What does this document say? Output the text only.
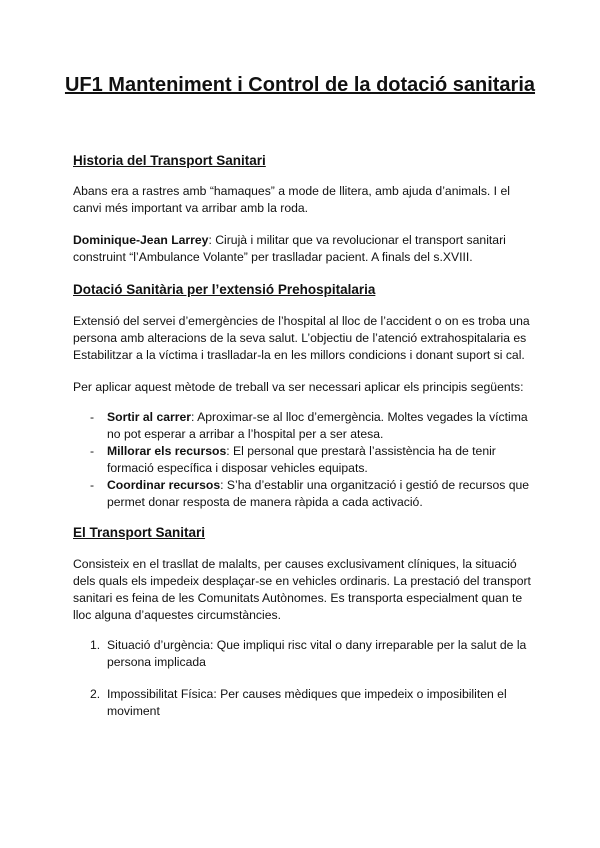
UF1 Manteniment i Control de la dotació sanitaria
Historia del Transport Sanitari

Abans era a rastres amb “hamaques” a mode de llitera, amb ajuda d’animals. I el canvi més important va arribar amb la roda.

Dominique-Jean Larrey: Cirujà i militar que va revolucionar el transport sanitari construint “l’Ambulance Volante” per traslladar pacient. A finals del s.XVIII.

Dotació Sanitària per l’extensió Prehospitalaria

Extensió del servei d’emergències de l’hospital al lloc de l’accident o on es troba una persona amb alteracions de la seva salut. L’objectiu de l’atenció extrahospitalaria es Estabilitzar a la víctima i traslladar-la en les millors condicions i donant suport si cal.

Per aplicar aquest mètode de treball va ser necessari aplicar els principis següents:

- Sortir al carrer: Aproximar-se al lloc d’emergència. Moltes vegades la víctima no pot esperar a arribar a l’hospital per a ser atesa.
- Millorar els recursos: El personal que prestarà l’assistència ha de tenir formació específica i disposar vehicles equipats.
- Coordinar recursos: S’ha d’establir una organització i gestió de recursos que permet donar resposta de manera ràpida a cada activació.
El Transport Sanitari

Consisteix en el trasllat de malalts, per causes exclusivament clíniques, la situació dels quals els impedeix desplaçar-se en vehicles ordinaris. La prestació del transport sanitari es feina de les Comunitats Autònomes. Es transporta especialment quan te lloc alguna d’aquestes circumstàncies.

1. Situació d’urgència: Que impliqui risc vital o dany irreparable per la salut de la persona implicada
2. Impossibilitat Física: Per causes mèdiques que impedeix o imposibiliten el moviment
